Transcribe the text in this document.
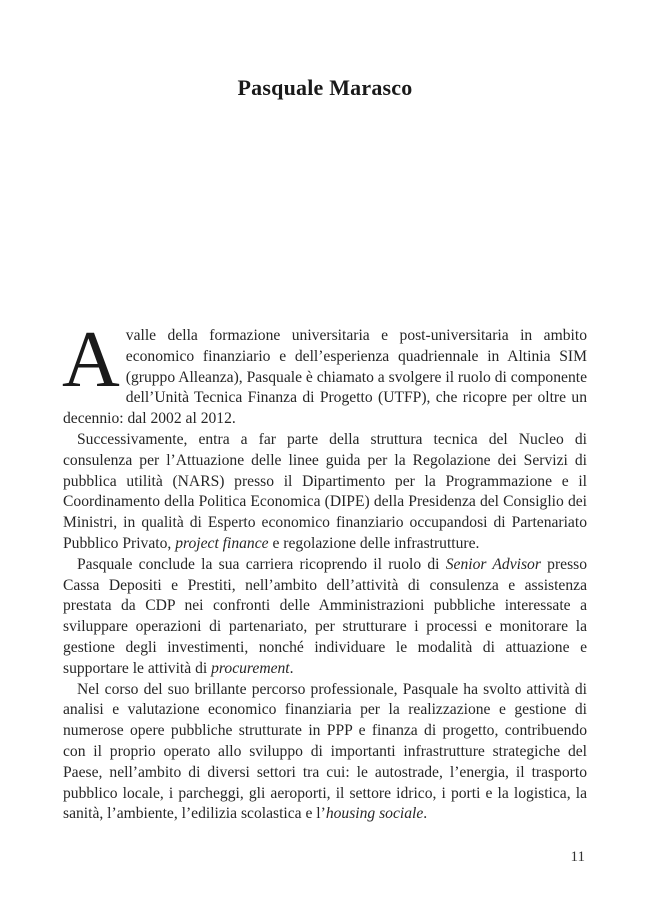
Pasquale Marasco

Avalle della formazione universitaria e post-universitaria in ambito economico finanziario e dell’esperienza quadriennale in Altinia SIM (gruppo Alleanza), Pasquale è chiamato a svolgere il ruolo di componente dell’Unità Tecnica Finanza di Progetto (UTFP), che ricopre per oltre un decennio: dal 2002 al 2012.

Successivamente, entra a far parte della struttura tecnica del Nucleo di consulenza per l’Attuazione delle linee guida per la Regolazione dei Servizi di pubblica utilità (NARS) presso il Dipartimento per la Programmazione e il Coordinamento della Politica Economica (DIPE) della Presidenza del Consiglio dei Ministri, in qualità di Esperto economico finanziario occupandosi di Partenariato Pubblico Privato, project finance e regolazione delle infrastrutture.

Pasquale conclude la sua carriera ricoprendo il ruolo di Senior Advisor presso Cassa Depositi e Prestiti, nell’ambito dell’attività di consulenza e assistenza prestata da CDP nei confronti delle Amministrazioni pubbliche interessate a sviluppare operazioni di partenariato, per strutturare i processi e monitorare la gestione degli investimenti, nonché individuare le modalità di attuazione e supportare le attività di procurement.

Nel corso del suo brillante percorso professionale, Pasquale ha svolto attività di analisi e valutazione economico finanziaria per la realizzazione e gestione di numerose opere pubbliche strutturate in PPP e finanza di progetto, contribuendo con il proprio operato allo sviluppo di importanti infrastrutture strategiche del Paese, nell’ambito di diversi settori tra cui: le autostrade, l’energia, il trasporto pubblico locale, i parcheggi, gli aeroporti, il settore idrico, i porti e la logistica, la sanità, l’ambiente, l’edilizia scolastica e l’housing sociale.

11
